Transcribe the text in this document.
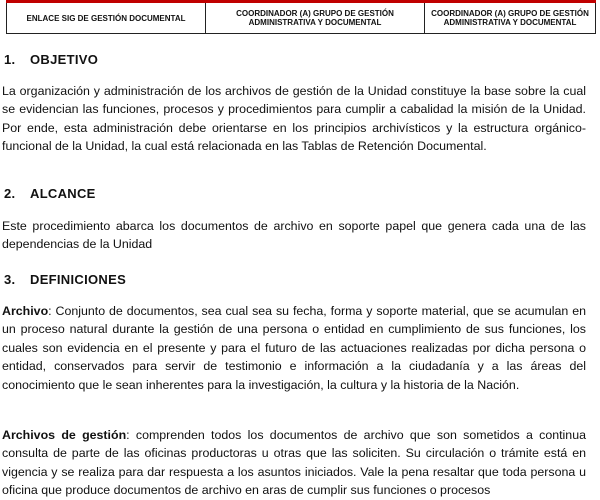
ENLACE SIG DE GESTIÓN DOCUMENTAL	COORDINADOR (A) GRUPO DE GESTIÓN ADMINISTRATIVA Y DOCUMENTAL	COORDINADOR (A) GRUPO DE GESTIÓN ADMINISTRATIVA Y DOCUMENTAL
1. OBJETIVO

La organización y administración de los archivos de gestión de la Unidad constituye la base sobre la cual se evidencian las funciones, procesos y procedimientos para cumplir a cabalidad la misión de la Unidad. Por ende, esta administración debe orientarse en los principios archivísticos y la estructura orgánico-funcional de la Unidad, la cual está relacionada en las Tablas de Retención Documental.

2. ALCANCE

Este procedimiento abarca los documentos de archivo en soporte papel que genera cada una de las dependencias de la Unidad

3. DEFINICIONES

Archivo: Conjunto de documentos, sea cual sea su fecha, forma y soporte material, que se acumulan en un proceso natural durante la gestión de una persona o entidad en cumplimiento de sus funciones, los cuales son evidencia en el presente y para el futuro de las actuaciones realizadas por dicha persona o entidad, conservados para servir de testimonio e información a la ciudadanía y a las áreas del conocimiento que le sean inherentes para la investigación, la cultura y la historia de la Nación.

Archivos de gestión: comprenden todos los documentos de archivo que son sometidos a continua consulta de parte de las oficinas productoras u otras que las soliciten. Su circulación o trámite está en vigencia y se realiza para dar respuesta a los asuntos iniciados. Vale la pena resaltar que toda persona u oficina que produce documentos de archivo en aras de cumplir sus funciones o procesos
